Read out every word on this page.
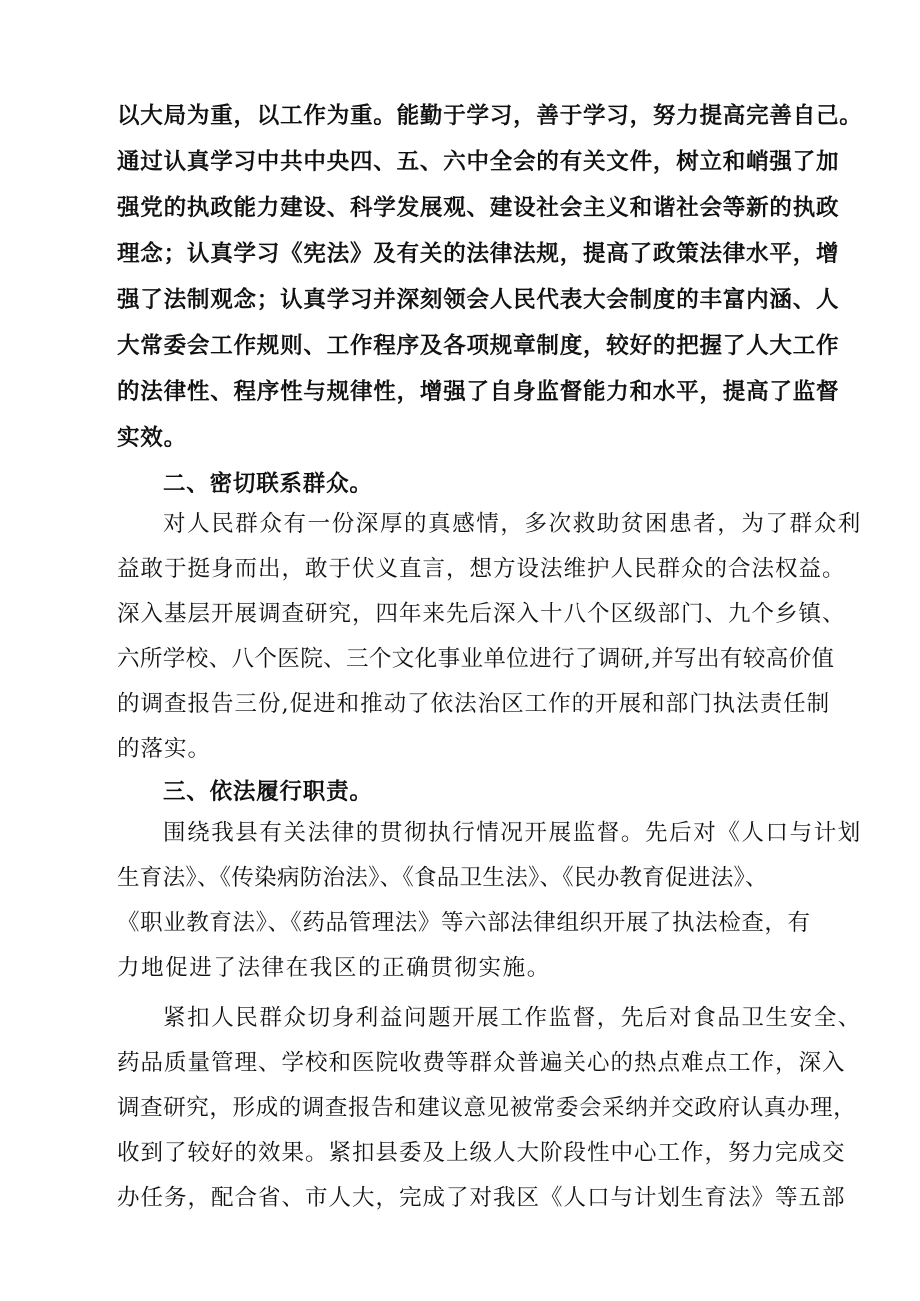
以大局为重，以工作为重。能勤于学习，善于学习，努力提高完善自己。

通过认真学习中共中央四、五、六中全会的有关文件，树立和峭强了加

强党的执政能力建设、科学发展观、建设社会主义和谐社会等新的执政

理念；认真学习《宪法》及有关的法律法规，提高了政策法律水平，增

强了法制观念；认真学习并深刻领会人民代表大会制度的丰富内涵、人

大常委会工作规则、工作程序及各项规章制度，较好的把握了人大工作

的法律性、程序性与规律性，增强了自身监督能力和水平，提高了监督

实效。

二、密切联系群众。

对人民群众有一份深厚的真感情，多次救助贫困患者，为了群众利

益敢于挺身而出，敢于伏义直言，想方设法维护人民群众的合法权益。

深入基层开展调查研究，四年来先后深入十八个区级部门、九个乡镇、

六所学校、八个医院、三个文化事业单位进行了调研,并写出有较高价值

的调查报告三份,促进和推动了依法治区工作的开展和部门执法责任制

的落实。

三、依法履行职责。

围绕我县有关法律的贯彻执行情况开展监督。先后对《人口与计划

生育法》、《传染病防治法》、《食品卫生法》、《民办教育促进法》、

《职业教育法》、《药品管理法》等六部法律组织开展了执法检查，有

力地促进了法律在我区的正确贯彻实施。

紧扣人民群众切身利益问题开展工作监督，先后对食品卫生安全、

药品质量管理、学校和医院收费等群众普遍关心的热点难点工作，深入

调查研究，形成的调查报告和建议意见被常委会采纳并交政府认真办理，

收到了较好的效果。紧扣县委及上级人大阶段性中心工作，努力完成交

办任务，配合省、市人大，完成了对我区《人口与计划生育法》等五部
